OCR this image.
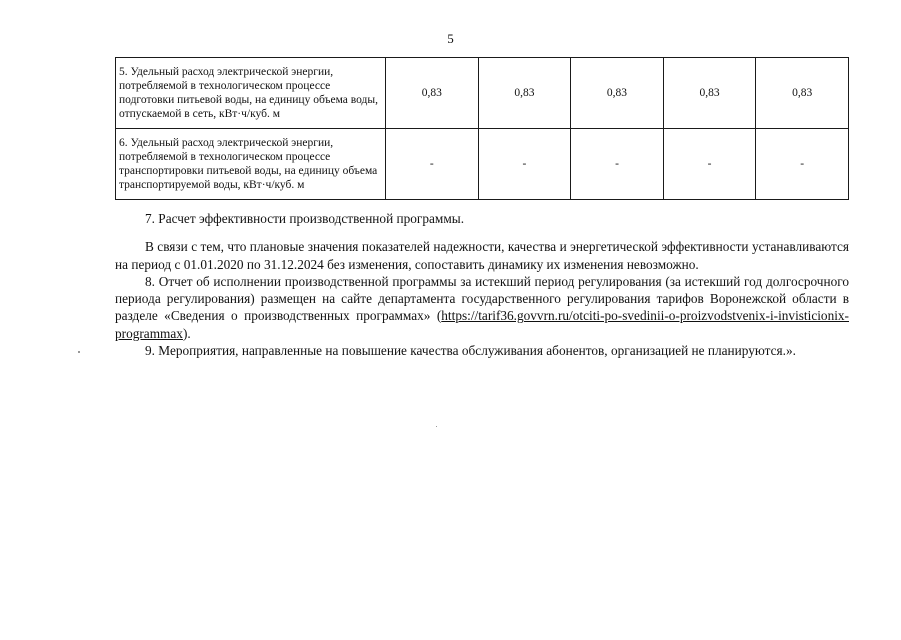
5
5. Удельный расход электрической энергии, потребляемой в технологическом процессе подготовки питьевой воды, на единицу объема воды, отпускаемой в сеть, кВт·ч/куб. м	0,83	0,83	0,83	0,83	0,83
6. Удельный расход электрической энергии, потребляемой в технологическом процессе транспортировки питьевой воды, на единицу объема транспортируемой воды, кВт·ч/куб. м	-	-	-	-	-

7. Расчет эффективности производственной программы.

В связи с тем, что плановые значения показателей надежности, качества и энергетической эффективности устанавливаются на период с 01.01.2020 по 31.12.2024 без изменения, сопоставить динамику их изменения невозможно.

8. Отчет об исполнении производственной программы за истекший период регулирования (за истекший год долгосрочного периода регулирования) размещен на сайте департамента государственного регулирования тарифов Воронежской области в разделе «Сведения о производственных программах» (https://tarif36.govvrn.ru/otciti-po-svedinii-o-proizvodstvenix-i-invisticionix-programmax).

9. Мероприятия, направленные на повышение качества обслуживания абонентов, организацией не планируются.».
